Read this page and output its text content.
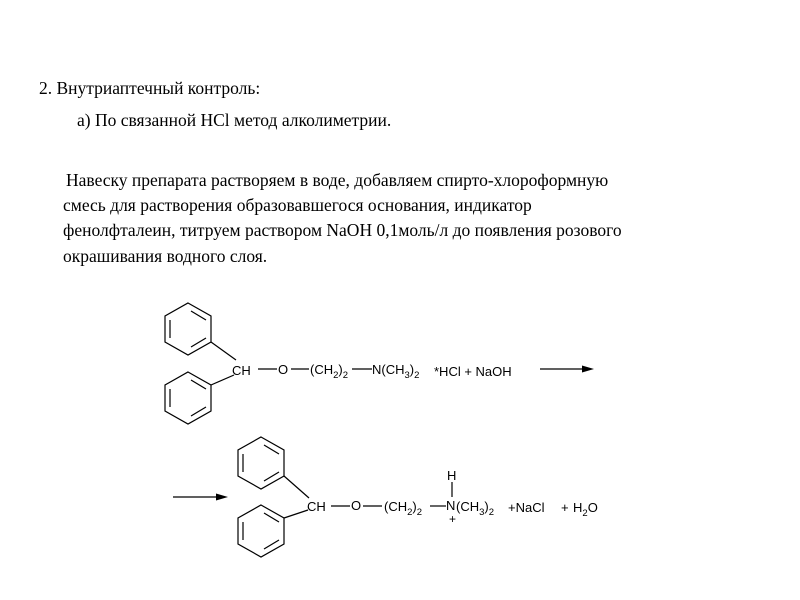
2. Внутриаптечный контроль:
а) По связанной HCl метод алколиметрии.
Навеску препарата растворяем в воде, добавляем спирто-хлороформную
смесь для растворения образовавшегося основания, индикатор
фенолфталеин, титруем раствором NaOH 0,1моль/л до появления розового
окрашивания водного слоя.
CH O $(CH_2)_2$ $N(CH_3)_2$ *HCl + NaOH
CH O $(CH_2)_2$
H
N $(CH_3)_2$
+
+NaCl + $H_2O$
